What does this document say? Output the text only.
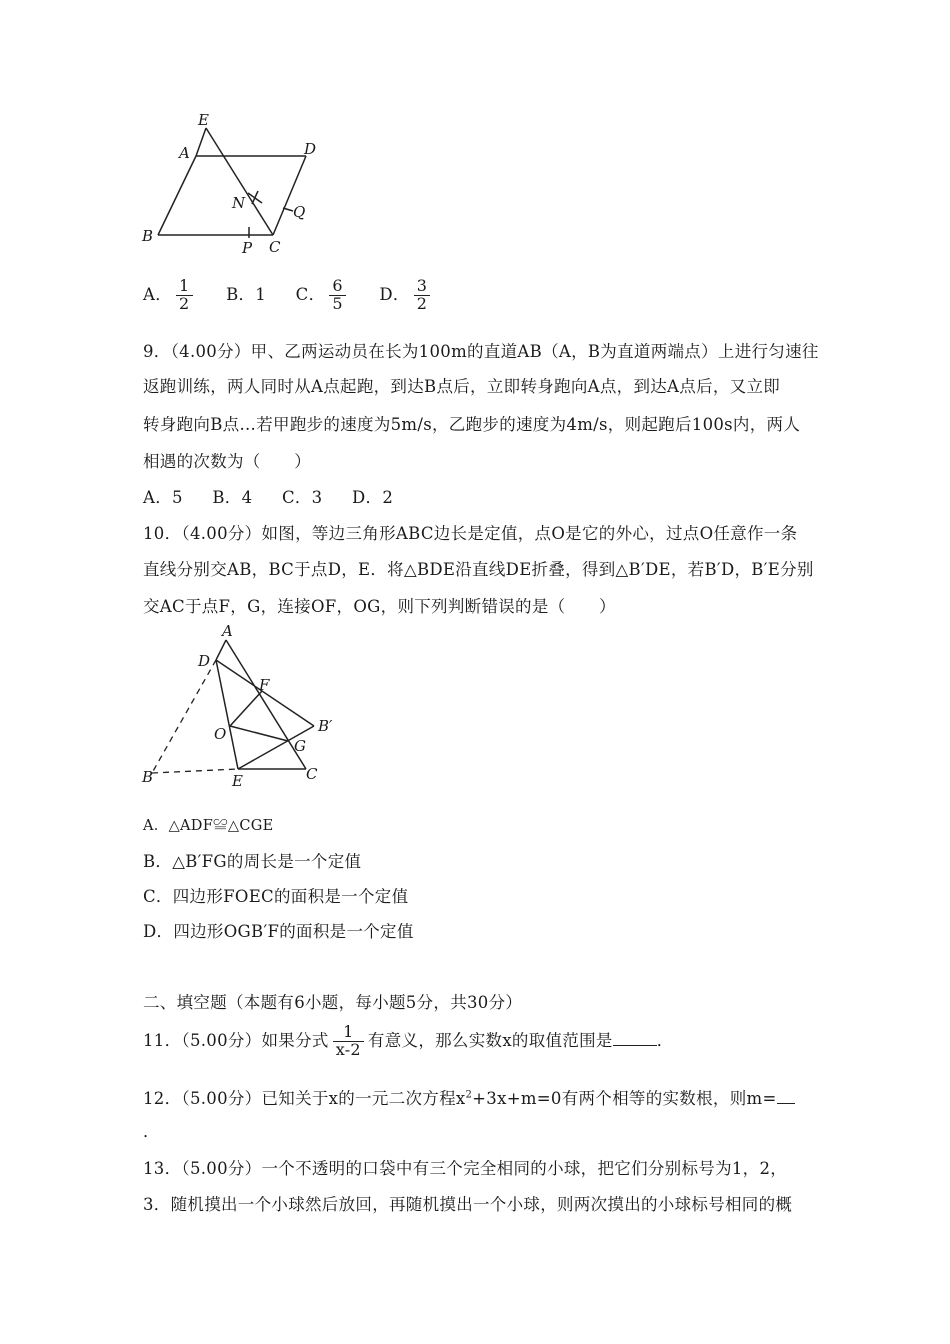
E
A	D
N	Q
B
P C
A． $\frac{1}{2}$ B．1 C． $\frac{6}{5}$ D． $\frac{3}{2}$
9．（4.00分）甲、乙两运动员在长为100m的直道AB（A，B为直道两端点）上进行匀速往
返跑训练，两人同时从A点起跑，到达B点后，立即转身跑向A点，到达A点后，又立即
转身跑向B点…若甲跑步的速度为5m/s，乙跑步的速度为4m/s，则起跑后100s内，两人
相遇的次数为（　　）
A．5 B．4 C．3 D．2
10．（4.00分）如图，等边三角形ABC边长是定值，点O是它的外心，过点O任意作一条
直线分别交AB，BC于点D，E．将△BDE沿直线DE折叠，得到△B′DE，若B′D，B′E分别
交AC于点F，G，连接OF，OG，则下列判断错误的是（　　）
A
D
F
B′
O
G
B	E	C
A．△ADF≌△CGE
B．△B′FG的周长是一个定值
C．四边形FOEC的面积是一个定值
D．四边形OGB′F的面积是一个定值
二、填空题（本题有6小题，每小题5分，共30分）
11．（5.00分）如果分式 $\frac{1}{x-2}$ 有意义，那么实数x的取值范围是	．
12．（5.00分）已知关于x的一元二次方程$x^2+3x+m=0$有两个相等的实数根，则m=
．
13．（5.00分）一个不透明的口袋中有三个完全相同的小球，把它们分别标号为1，2，
3．随机摸出一个小球然后放回，再随机摸出一个小球，则两次摸出的小球标号相同的概
